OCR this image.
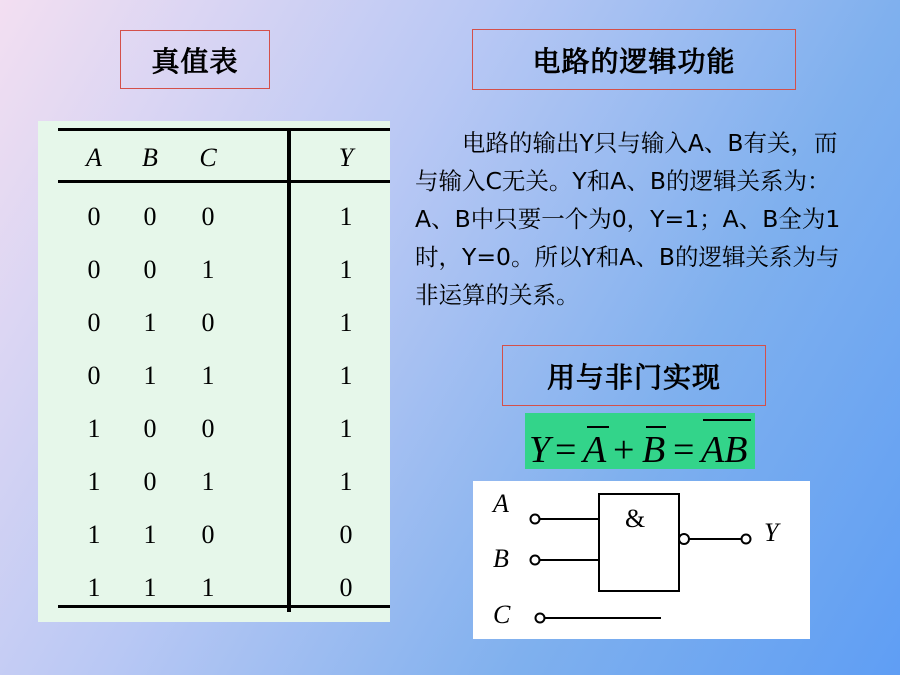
真值表	电路的逻辑功能
用与非门实现
A	B	C	Y
0	0	0	1
0	0	1	1
0	1	0	1
0	1	1	1
1	0	0	1
1	0	1	1
1	1	0	0
1	1	1	0

电路的输出Y只与输入A、B有关，而与输入C无关。Y和A、B的逻辑关系为：A、B中只要一个为0，Y=1；A、B全为1时，Y=0。所以Y和A、B的逻辑关系为与非运算的关系。

Y = A + B = AB
A
B
C
Y
&
